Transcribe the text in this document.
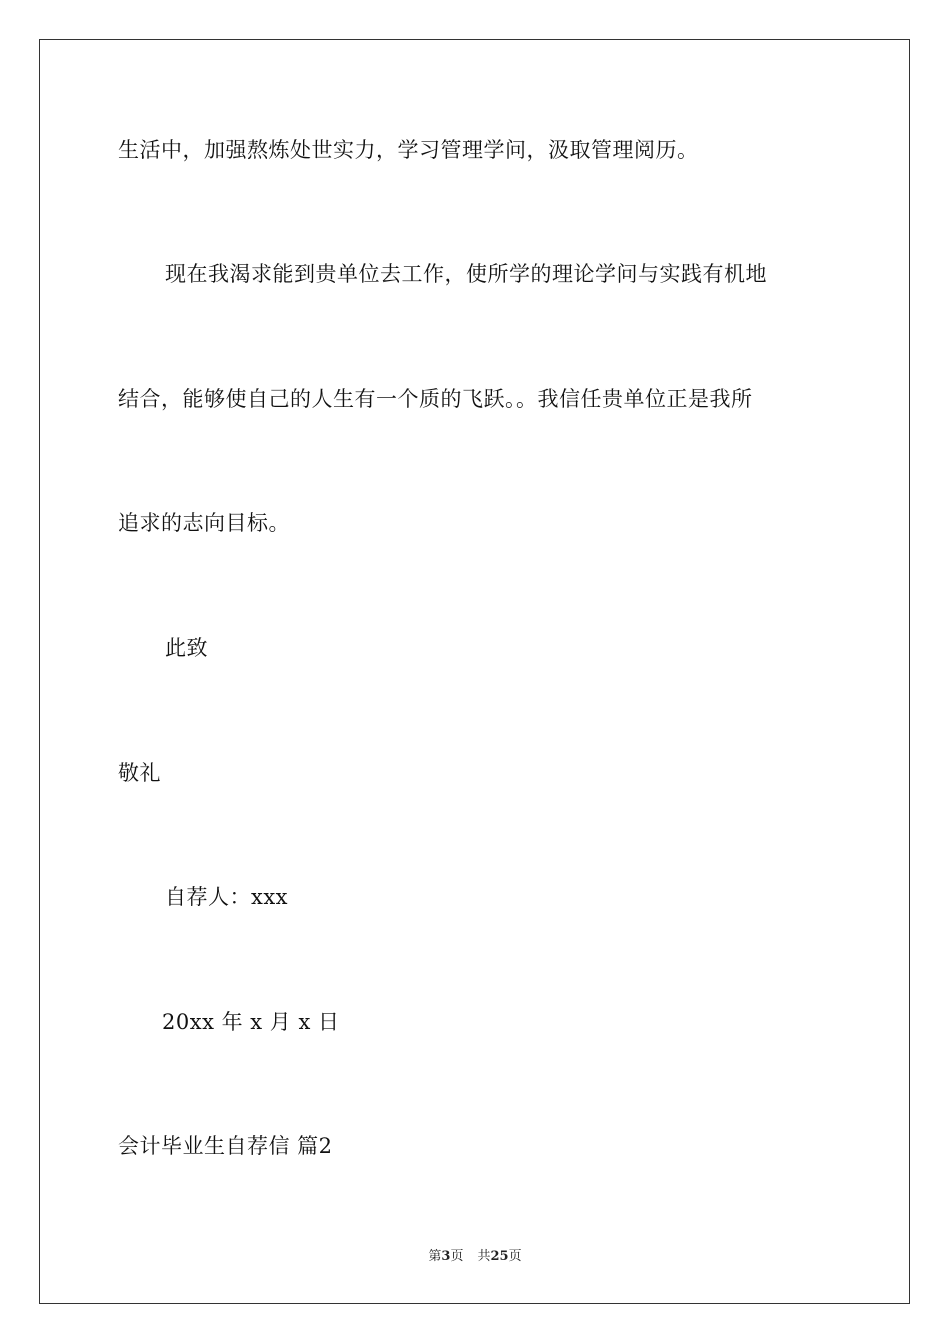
生活中，加强熬炼处世实力，学习管理学问，汲取管理阅历。
现在我渴求能到贵单位去工作，使所学的理论学问与实践有机地
结合，能够使自己的人生有一个质的飞跃。。我信任贵单位正是我所
追求的志向目标。
此致
敬礼
自荐人：xxx
20xx 年 x 月 x 日
会计毕业生自荐信 篇2
第3页 共25页
